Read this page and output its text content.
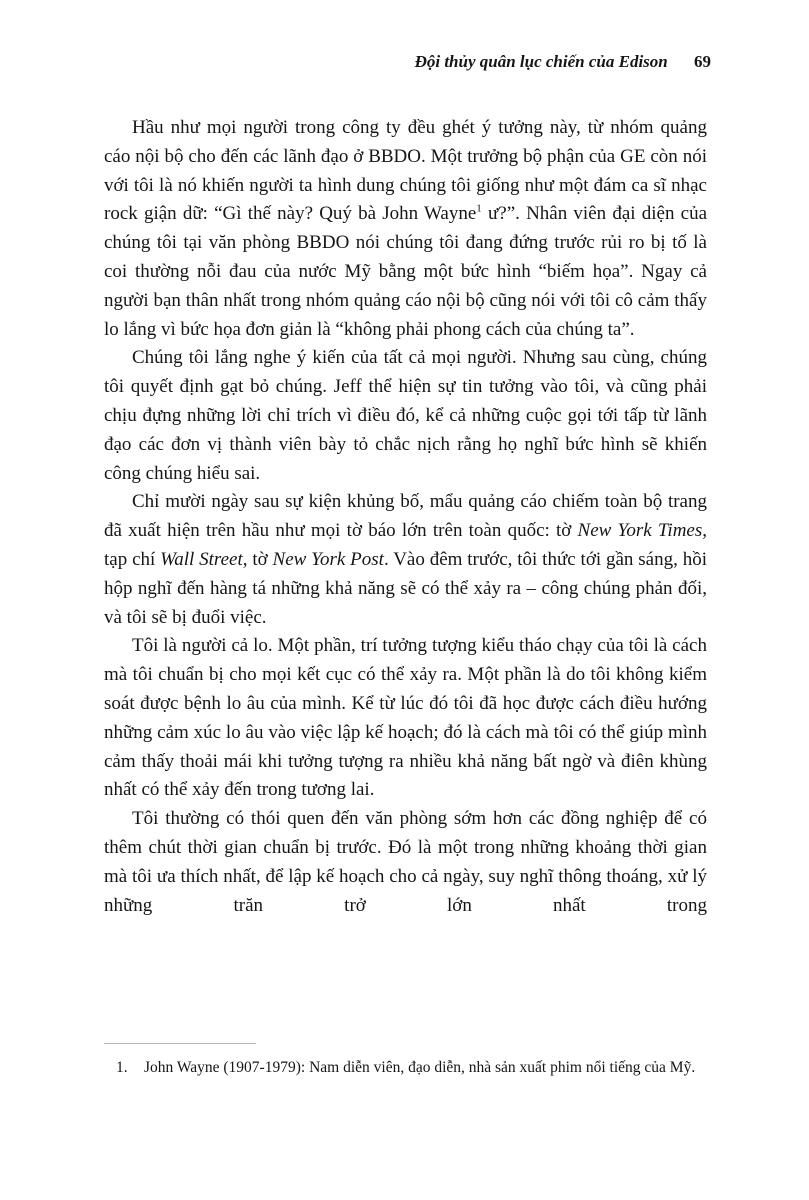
Đội thủy quân lục chiến của Edison 69

Hầu như mọi người trong công ty đều ghét ý tưởng này, từ nhóm quảng cáo nội bộ cho đến các lãnh đạo ở BBDO. Một trưởng bộ phận của GE còn nói với tôi là nó khiến người ta hình dung chúng tôi giống như một đám ca sĩ nhạc rock giận dữ: “Gì thế này? Quý bà John Wayne$^1$ ư?”. Nhân viên đại diện của chúng tôi tại văn phòng BBDO nói chúng tôi đang đứng trước rủi ro bị tố là coi thường nỗi đau của nước Mỹ bằng một bức hình “biếm họa”. Ngay cả người bạn thân nhất trong nhóm quảng cáo nội bộ cũng nói với tôi cô cảm thấy lo lắng vì bức họa đơn giản là “không phải phong cách của chúng ta”.

Chúng tôi lắng nghe ý kiến của tất cả mọi người. Nhưng sau cùng, chúng tôi quyết định gạt bỏ chúng. Jeff thể hiện sự tin tưởng vào tôi, và cũng phải chịu đựng những lời chỉ trích vì điều đó, kể cả những cuộc gọi tới tấp từ lãnh đạo các đơn vị thành viên bày tỏ chắc nịch rằng họ nghĩ bức hình sẽ khiến công chúng hiểu sai.

Chỉ mười ngày sau sự kiện khủng bố, mẩu quảng cáo chiếm toàn bộ trang đã xuất hiện trên hầu như mọi tờ báo lớn trên toàn quốc: tờ New York Times, tạp chí Wall Street, tờ New York Post. Vào đêm trước, tôi thức tới gần sáng, hồi hộp nghĩ đến hàng tá những khả năng sẽ có thể xảy ra – công chúng phản đối, và tôi sẽ bị đuổi việc.

Tôi là người cả lo. Một phần, trí tưởng tượng kiểu tháo chạy của tôi là cách mà tôi chuẩn bị cho mọi kết cục có thể xảy ra. Một phần là do tôi không kiểm soát được bệnh lo âu của mình. Kể từ lúc đó tôi đã học được cách điều hướng những cảm xúc lo âu vào việc lập kế hoạch; đó là cách mà tôi có thể giúp mình cảm thấy thoải mái khi tưởng tượng ra nhiều khả năng bất ngờ và điên khùng nhất có thể xảy đến trong tương lai.

Tôi thường có thói quen đến văn phòng sớm hơn các đồng nghiệp để có thêm chút thời gian chuẩn bị trước. Đó là một trong những khoảng thời gian mà tôi ưa thích nhất, để lập kế hoạch cho cả ngày, suy nghĩ thông thoáng, xử lý những trăn trở lớn nhất trong

1.	John Wayne (1907-1979): Nam diễn viên, đạo diễn, nhà sản xuất phim nổi tiếng của Mỹ.
